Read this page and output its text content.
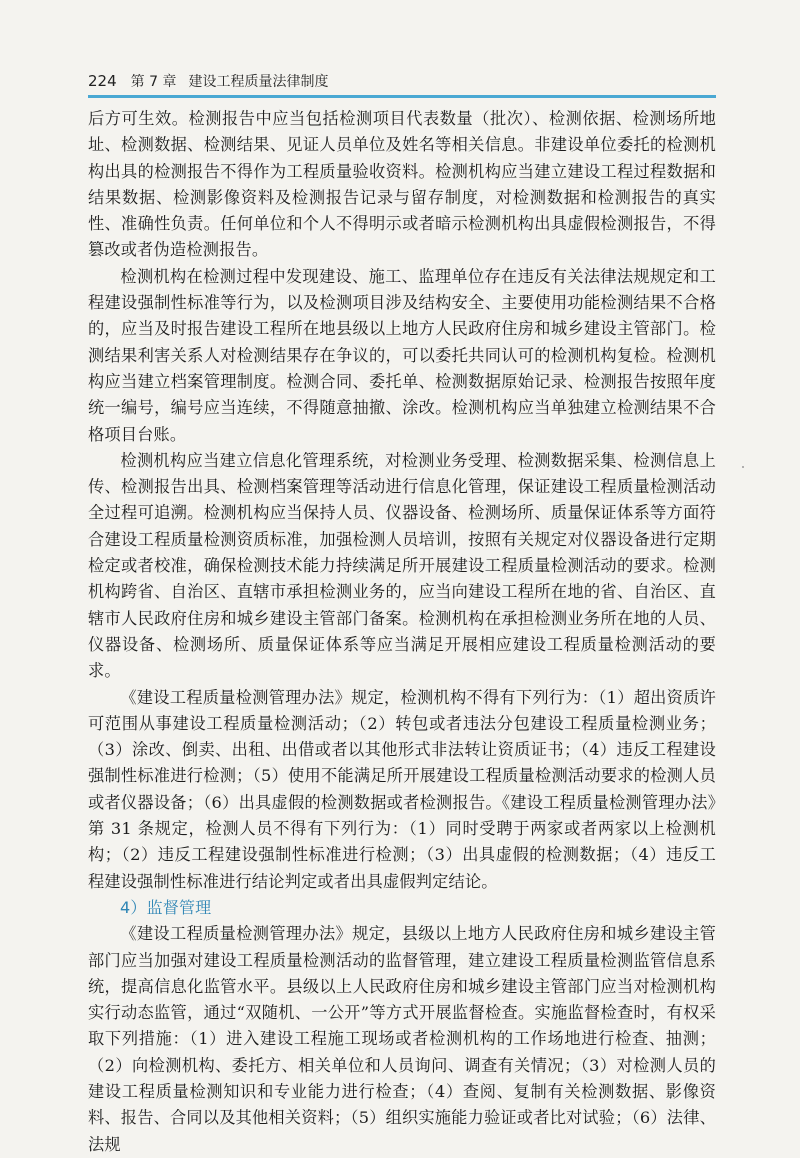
224 第 7 章 建设工程质量法律制度

后方可生效。检测报告中应当包括检测项目代表数量（批次）、检测依据、检测场所地址、检测数据、检测结果、见证人员单位及姓名等相关信息。非建设单位委托的检测机构出具的检测报告不得作为工程质量验收资料。检测机构应当建立建设工程过程数据和结果数据、检测影像资料及检测报告记录与留存制度，对检测数据和检测报告的真实性、准确性负责。任何单位和个人不得明示或者暗示检测机构出具虚假检测报告，不得篡改或者伪造检测报告。

检测机构在检测过程中发现建设、施工、监理单位存在违反有关法律法规规定和工程建设强制性标准等行为，以及检测项目涉及结构安全、主要使用功能检测结果不合格的，应当及时报告建设工程所在地县级以上地方人民政府住房和城乡建设主管部门。检测结果利害关系人对检测结果存在争议的，可以委托共同认可的检测机构复检。检测机构应当建立档案管理制度。检测合同、委托单、检测数据原始记录、检测报告按照年度统一编号，编号应当连续，不得随意抽撤、涂改。检测机构应当单独建立检测结果不合格项目台账。

检测机构应当建立信息化管理系统，对检测业务受理、检测数据采集、检测信息上传、检测报告出具、检测档案管理等活动进行信息化管理，保证建设工程质量检测活动全过程可追溯。检测机构应当保持人员、仪器设备、检测场所、质量保证体系等方面符合建设工程质量检测资质标准，加强检测人员培训，按照有关规定对仪器设备进行定期检定或者校准，确保检测技术能力持续满足所开展建设工程质量检测活动的要求。检测机构跨省、自治区、直辖市承担检测业务的，应当向建设工程所在地的省、自治区、直辖市人民政府住房和城乡建设主管部门备案。检测机构在承担检测业务所在地的人员、仪器设备、检测场所、质量保证体系等应当满足开展相应建设工程质量检测活动的要求。

《建设工程质量检测管理办法》规定，检测机构不得有下列行为：（1）超出资质许可范围从事建设工程质量检测活动；（2）转包或者违法分包建设工程质量检测业务；（3）涂改、倒卖、出租、出借或者以其他形式非法转让资质证书；（4）违反工程建设强制性标准进行检测；（5）使用不能满足所开展建设工程质量检测活动要求的检测人员或者仪器设备；（6）出具虚假的检测数据或者检测报告。《建设工程质量检测管理办法》第 31 条规定，检测人员不得有下列行为：（1）同时受聘于两家或者两家以上检测机构；（2）违反工程建设强制性标准进行检测；（3）出具虚假的检测数据；（4）违反工程建设强制性标准进行结论判定或者出具虚假判定结论。

4）监督管理

《建设工程质量检测管理办法》规定，县级以上地方人民政府住房和城乡建设主管部门应当加强对建设工程质量检测活动的监督管理，建立建设工程质量检测监管信息系统，提高信息化监管水平。县级以上人民政府住房和城乡建设主管部门应当对检测机构实行动态监管，通过“双随机、一公开”等方式开展监督检查。实施监督检查时，有权采取下列措施：（1）进入建设工程施工现场或者检测机构的工作场地进行检查、抽测；（2）向检测机构、委托方、相关单位和人员询问、调查有关情况；（3）对检测人员的建设工程质量检测知识和专业能力进行检查；（4）查阅、复制有关检测数据、影像资料、报告、合同以及其他相关资料；（5）组织实施能力验证或者比对试验；（6）法律、法规
